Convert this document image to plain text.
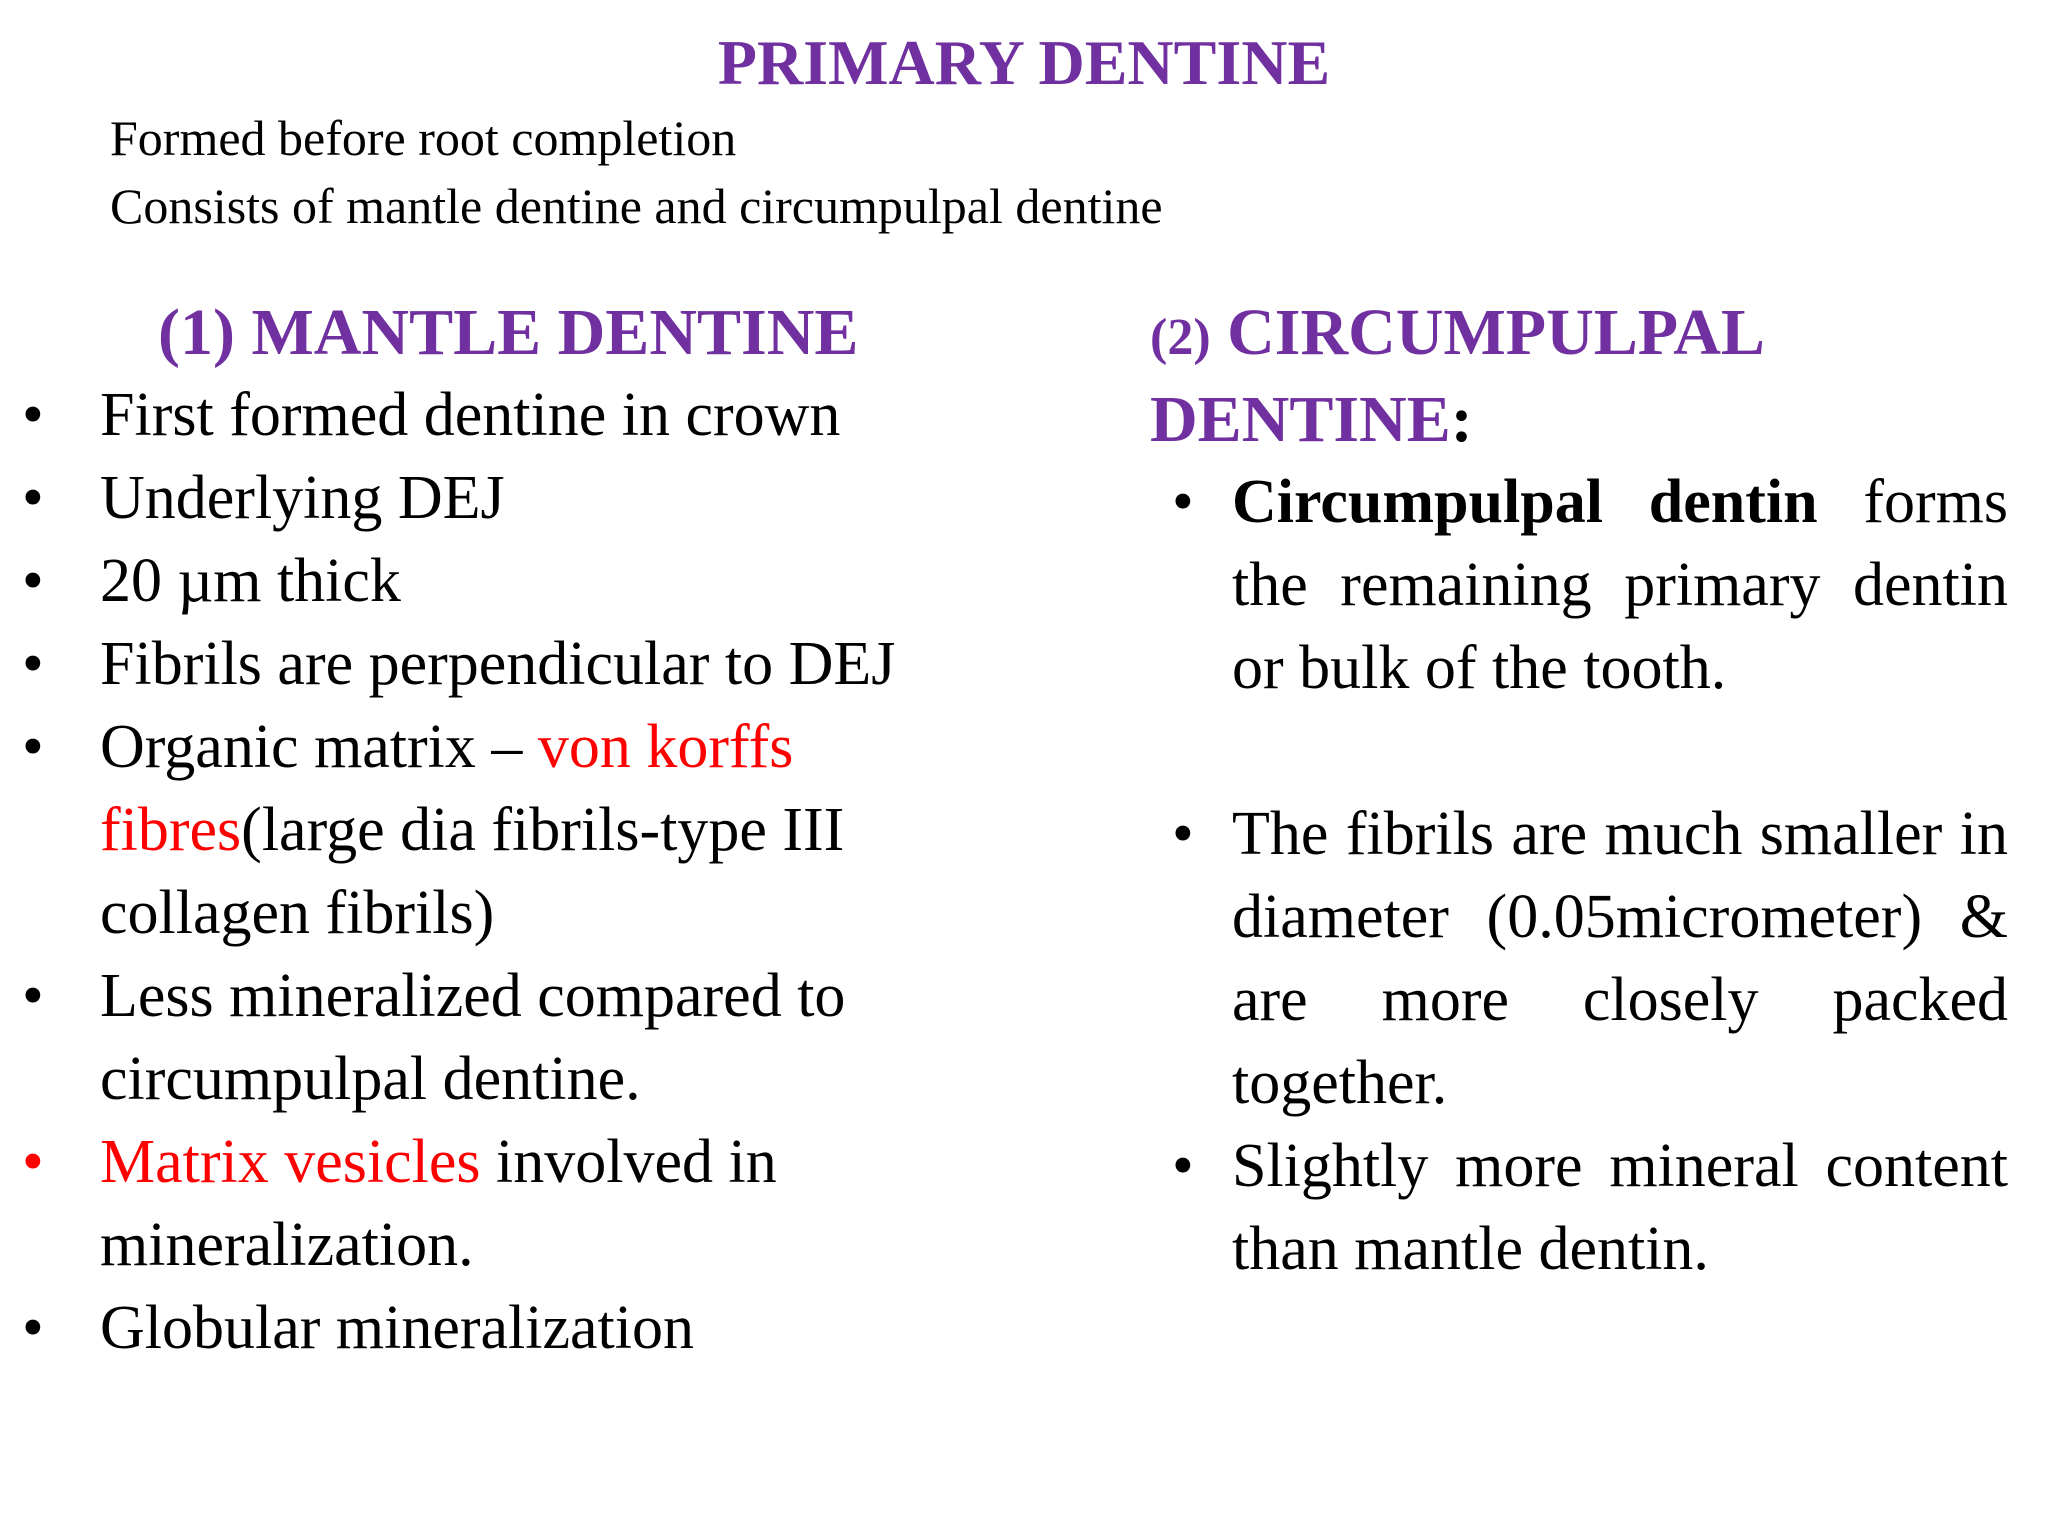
PRIMARY DENTINE
Formed before root completion
Consists of mantle dentine and circumpulpal dentine
(1) MANTLE DENTINE
• First formed dentine in crown
• Underlying DEJ
• 20 µm thick
• Fibrils are perpendicular to DEJ
• Organic matrix – von korffs fibres(large dia fibrils-type III collagen fibrils)
• Less mineralized compared to circumpulpal dentine.
• Matrix vesicles involved in mineralization.
• Globular mineralization
(2) CIRCUMPULPAL DENTINE:
• Circumpulpal dentin forms the remaining primary dentin or bulk of the tooth.
• The fibrils are much smaller in diameter (0.05micrometer) & are more closely packed together.
• Slightly more mineral content than mantle dentin.
